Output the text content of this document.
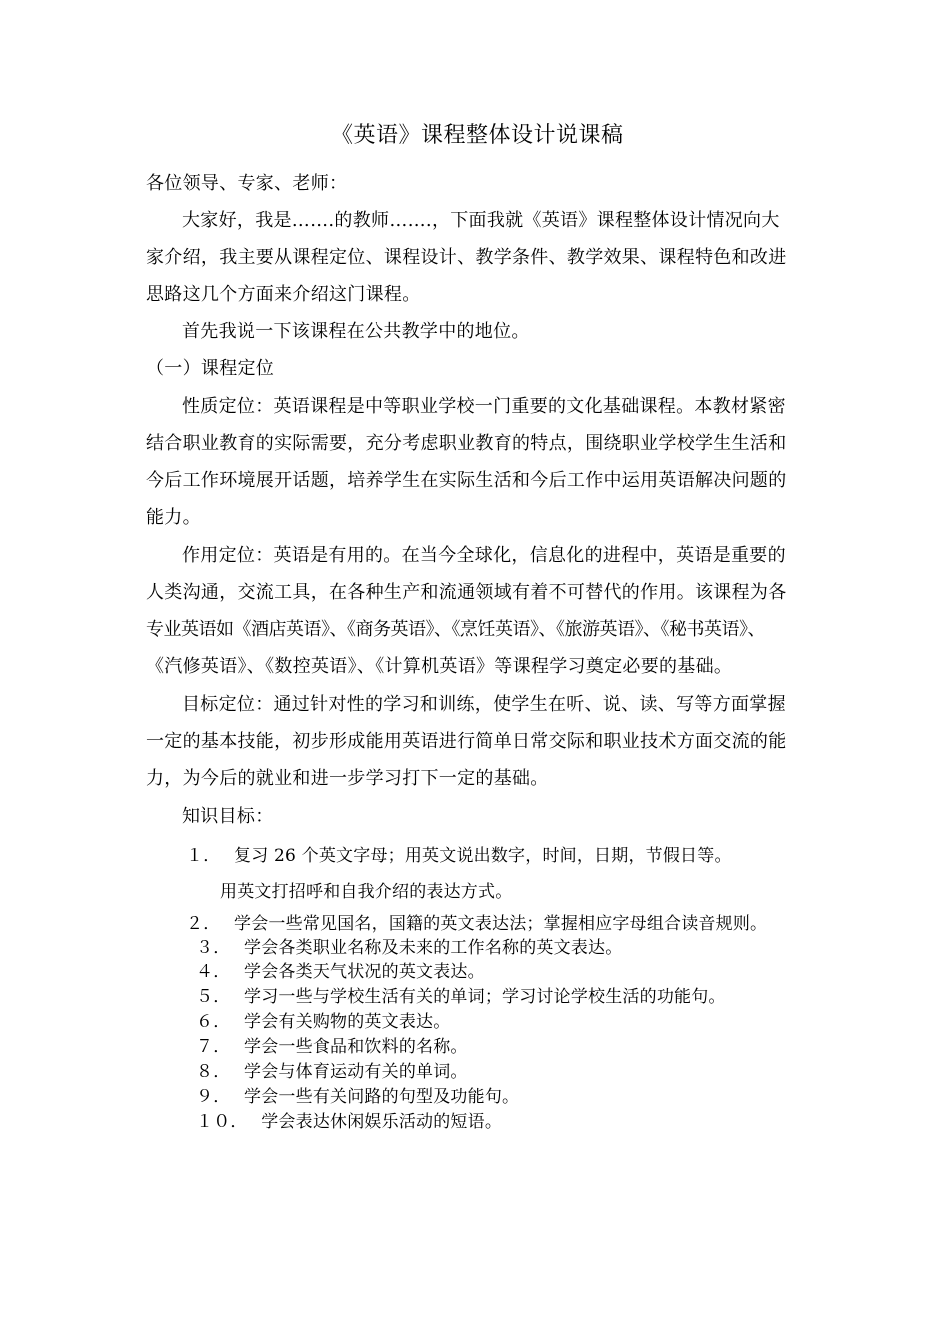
《英语》课程整体设计说课稿
各位领导、专家、老师：
大家好，我是…….的教师…….，下面我就《英语》课程整体设计情况向大
家介绍，我主要从课程定位、课程设计、教学条件、教学效果、课程特色和改进
思路这几个方面来介绍这门课程。
首先我说一下该课程在公共教学中的地位。
（一）课程定位
性质定位：英语课程是中等职业学校一门重要的文化基础课程。本教材紧密
结合职业教育的实际需要，充分考虑职业教育的特点，围绕职业学校学生生活和
今后工作环境展开话题，培养学生在实际生活和今后工作中运用英语解决问题的
能力。
作用定位：英语是有用的。在当今全球化，信息化的进程中，英语是重要的
人类沟通，交流工具，在各种生产和流通领域有着不可替代的作用。该课程为各
专业英语如《酒店英语》、《商务英语》、《烹饪英语》、《旅游英语》、《秘书英语》、
《汽修英语》、《数控英语》、《计算机英语》等课程学习奠定必要的基础。
目标定位：通过针对性的学习和训练，使学生在听、说、读、写等方面掌握
一定的基本技能，初步形成能用英语进行简单日常交际和职业技术方面交流的能
力，为今后的就业和进一步学习打下一定的基础。
知识目标：
１． 复习 26 个英文字母；用英文说出数字，时间，日期，节假日等。
用英文打招呼和自我介绍的表达方式。
２． 学会一些常见国名，国籍的英文表达法；掌握相应字母组合读音规则。
３． 学会各类职业名称及未来的工作名称的英文表达。
４． 学会各类天气状况的英文表达。
５． 学习一些与学校生活有关的单词；学习讨论学校生活的功能句。
６． 学会有关购物的英文表达。
７． 学会一些食品和饮料的名称。
８． 学会与体育运动有关的单词。
９． 学会一些有关问路的句型及功能句。
１０． 学会表达休闲娱乐活动的短语。
